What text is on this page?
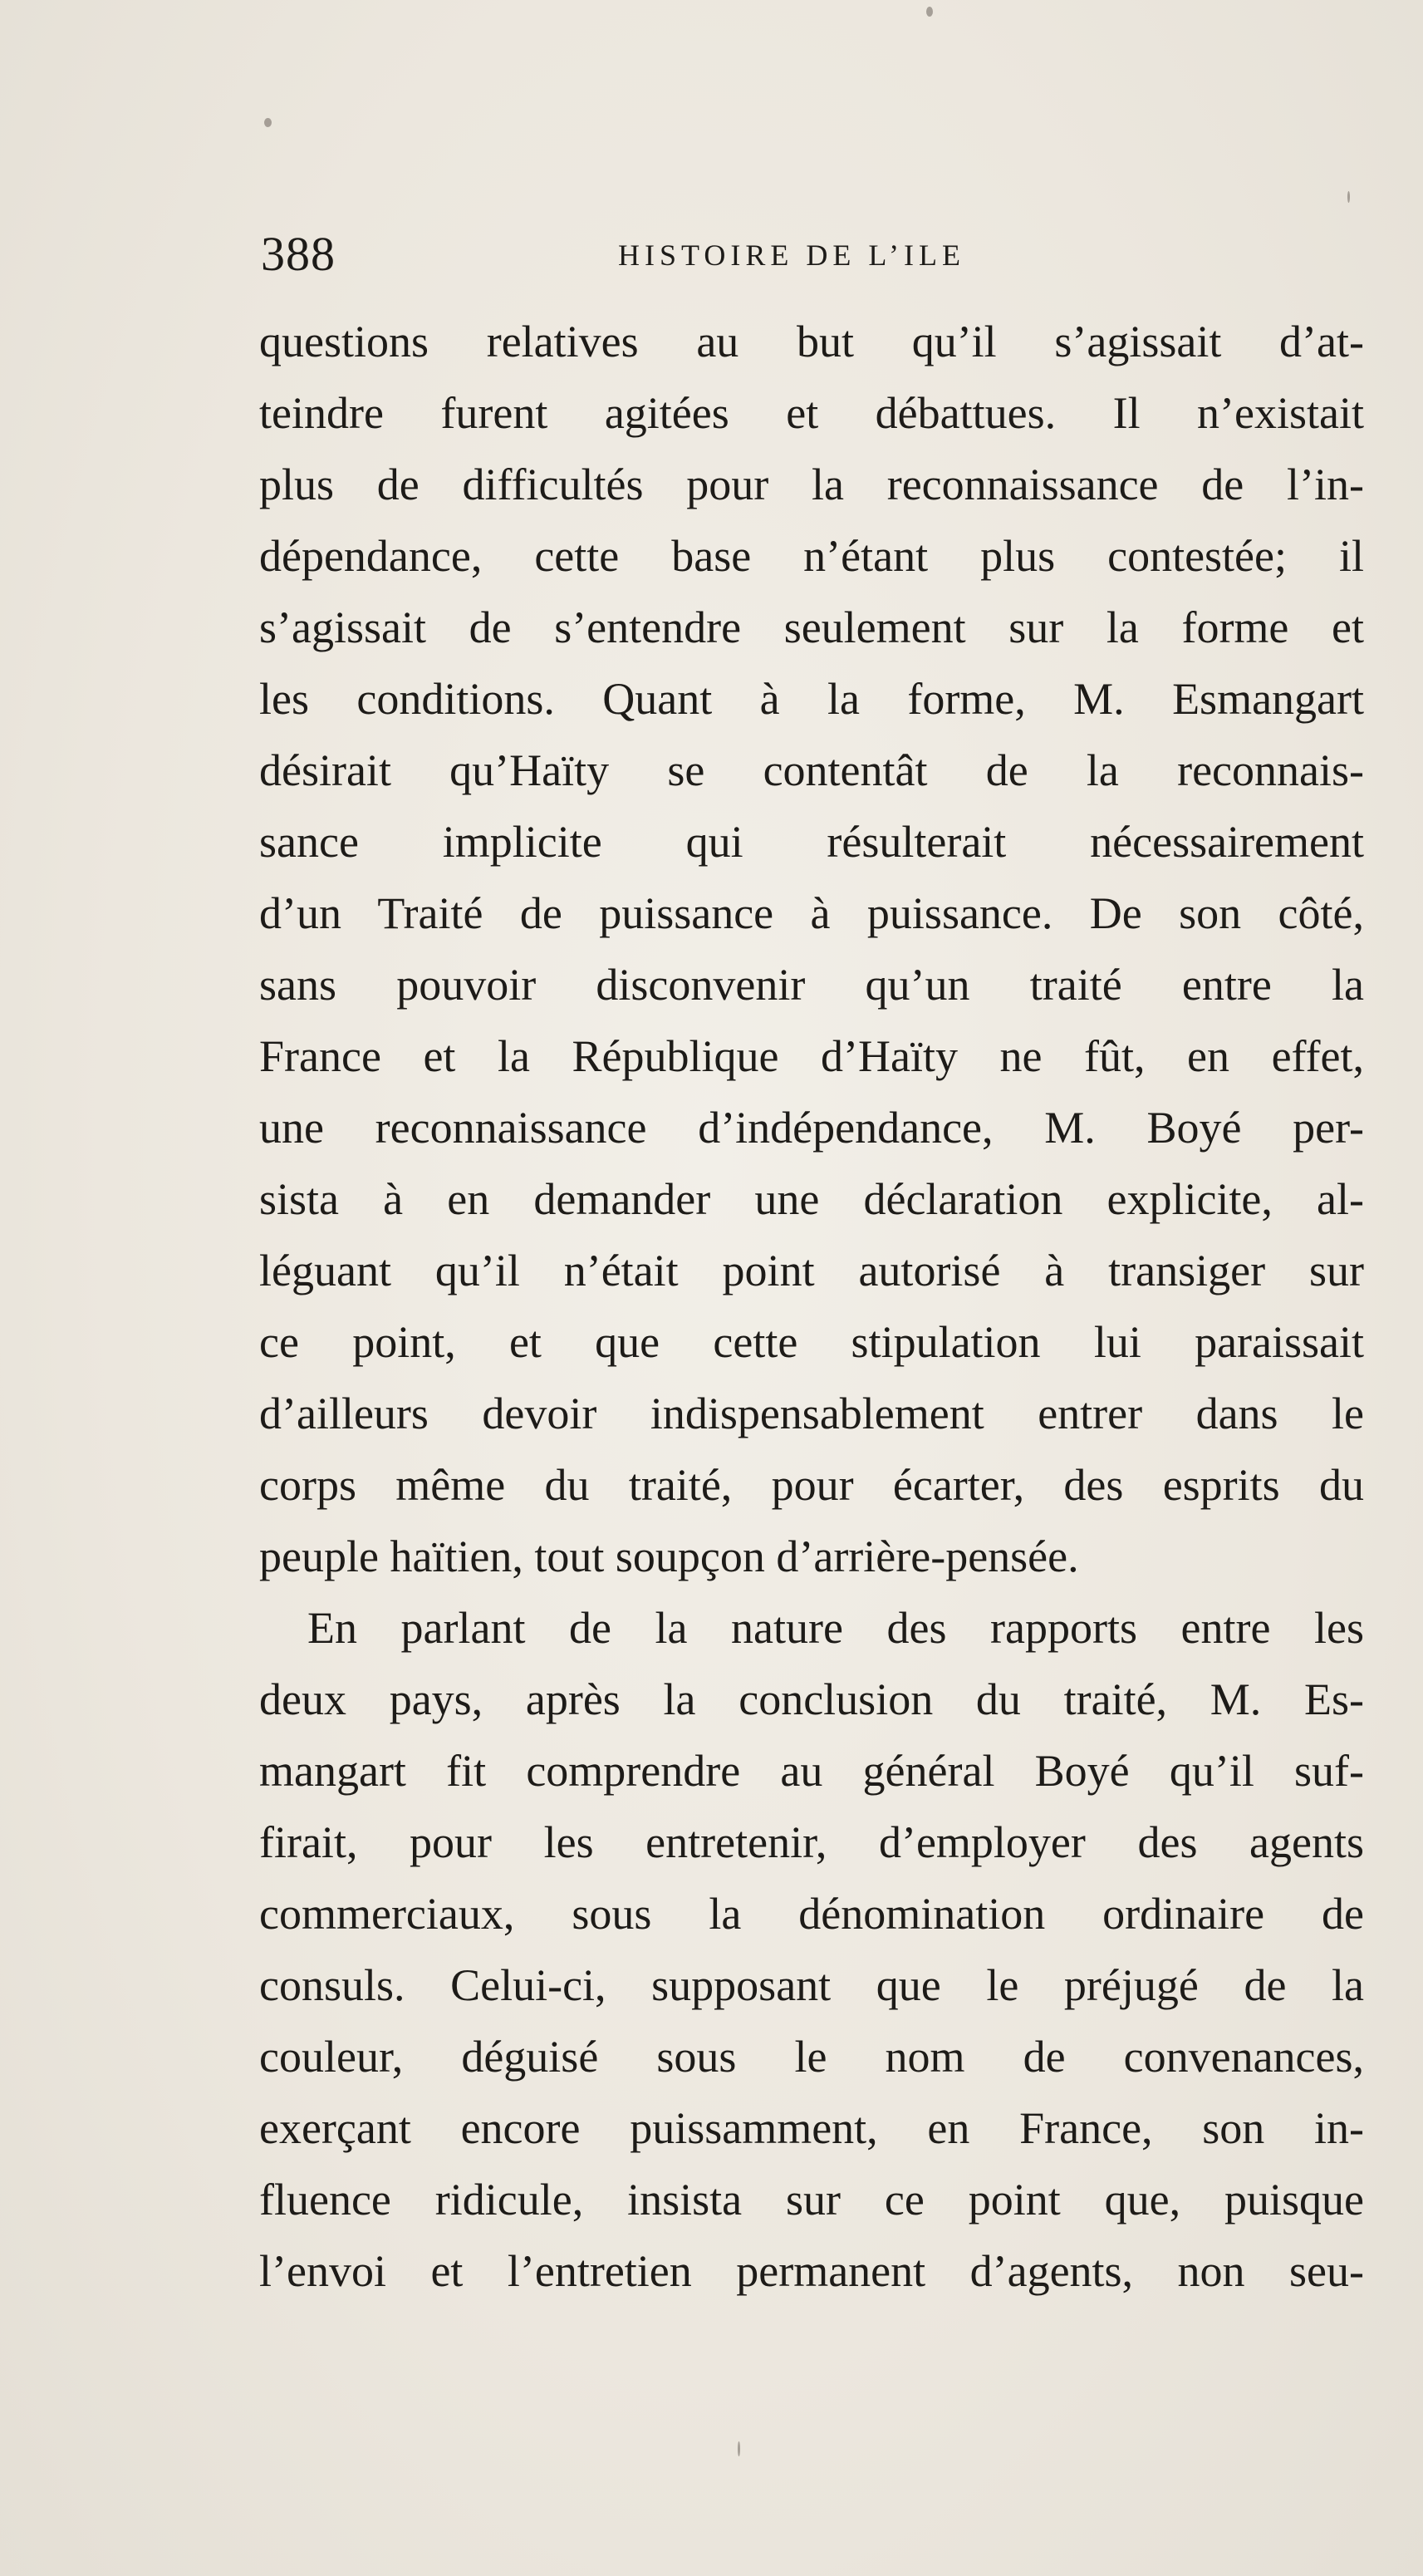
388	HISTOIRE DE L’ILE
questions relatives au but qu’il s’agissait d’at-
teindre furent agitées et débattues. Il n’existait
plus de difficultés pour la reconnaissance de l’in-
dépendance, cette base n’étant plus contestée; il
s’agissait de s’entendre seulement sur la forme et
les conditions. Quant à la forme, M. Esmangart
désirait qu’Haïty se contentât de la reconnais-
sance implicite qui résulterait nécessairement
d’un Traité de puissance à puissance. De son côté,
sans pouvoir disconvenir qu’un traité entre la
France et la République d’Haïty ne fût, en effet,
une reconnaissance d’indépendance, M. Boyé per-
sista à en demander une déclaration explicite, al-
léguant qu’il n’était point autorisé à transiger sur
ce point, et que cette stipulation lui paraissait
d’ailleurs devoir indispensablement entrer dans le
corps même du traité, pour écarter, des esprits du
peuple haïtien, tout soupçon d’arrière-pensée.
En parlant de la nature des rapports entre les
deux pays, après la conclusion du traité, M. Es-
mangart fit comprendre au général Boyé qu’il suf-
firait, pour les entretenir, d’employer des agents
commerciaux, sous la dénomination ordinaire de
consuls. Celui-ci, supposant que le préjugé de la
couleur, déguisé sous le nom de convenances,
exerçant encore puissamment, en France, son in-
fluence ridicule, insista sur ce point que, puisque
l’envoi et l’entretien permanent d’agents, non seu-
